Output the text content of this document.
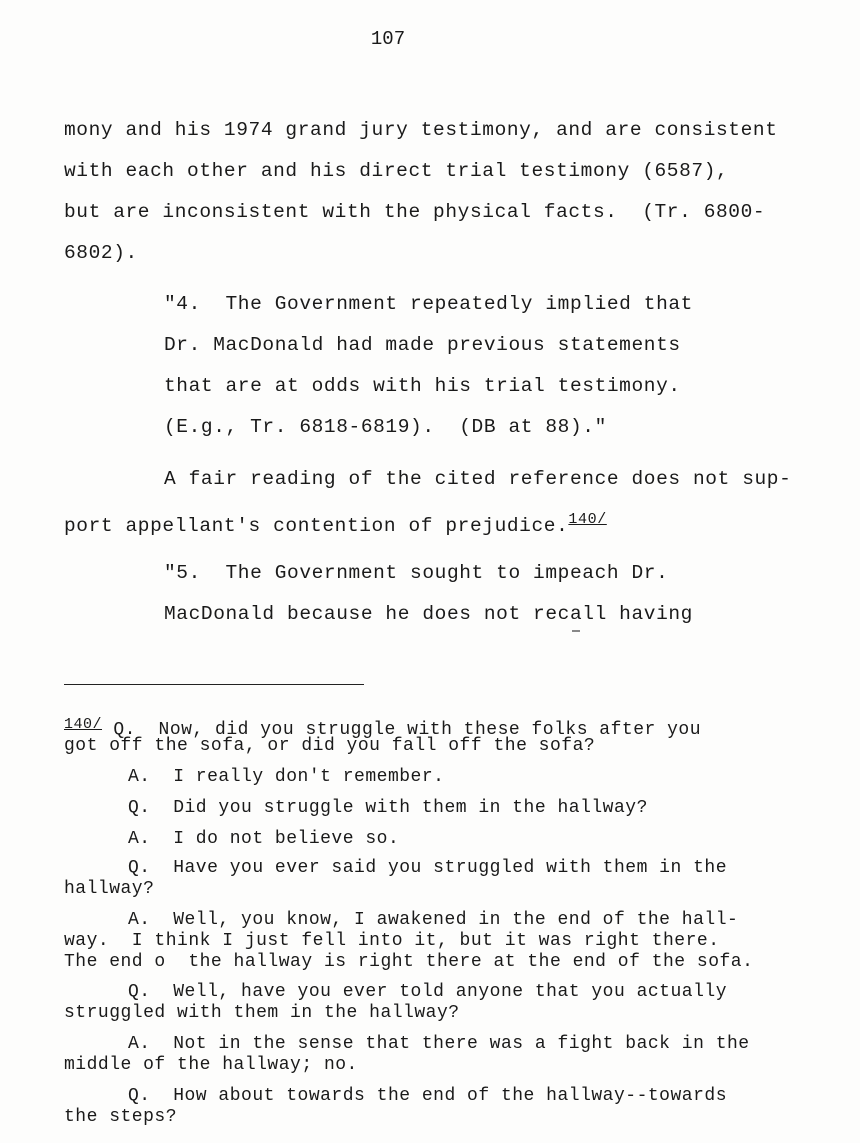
107
mony and his 1974 grand jury testimony, and are consistent
with each other and his direct trial testimony (6587),
but are inconsistent with the physical facts.  (Tr. 6800-
6802).
"4.  The Government repeatedly implied that
Dr. MacDonald had made previous statements
that are at odds with his trial testimony.
(E.g., Tr. 6818-6819).  (DB at 88)."
A fair reading of the cited reference does not sup-
port appellant's contention of prejudice.$^{140/}$
"5.  The Government sought to impeach Dr.
MacDonald because he does not recall having
$^{140/}$ Q.  Now, did you struggle with these folks after you
got off the sofa, or did you fall off the sofa?
A.  I really don't remember.
Q.  Did you struggle with them in the hallway?
A.  I do not believe so.
Q.  Have you ever said you struggled with them in the
hallway?
A.  Well, you know, I awakened in the end of the hall-
way.  I think I just fell into it, but it was right there.
The end o  the hallway is right there at the end of the sofa.
Q.  Well, have you ever told anyone that you actually
struggled with them in the hallway?
A.  Not in the sense that there was a fight back in the
middle of the hallway; no.
Q.  How about towards the end of the hallway--towards
the steps?
